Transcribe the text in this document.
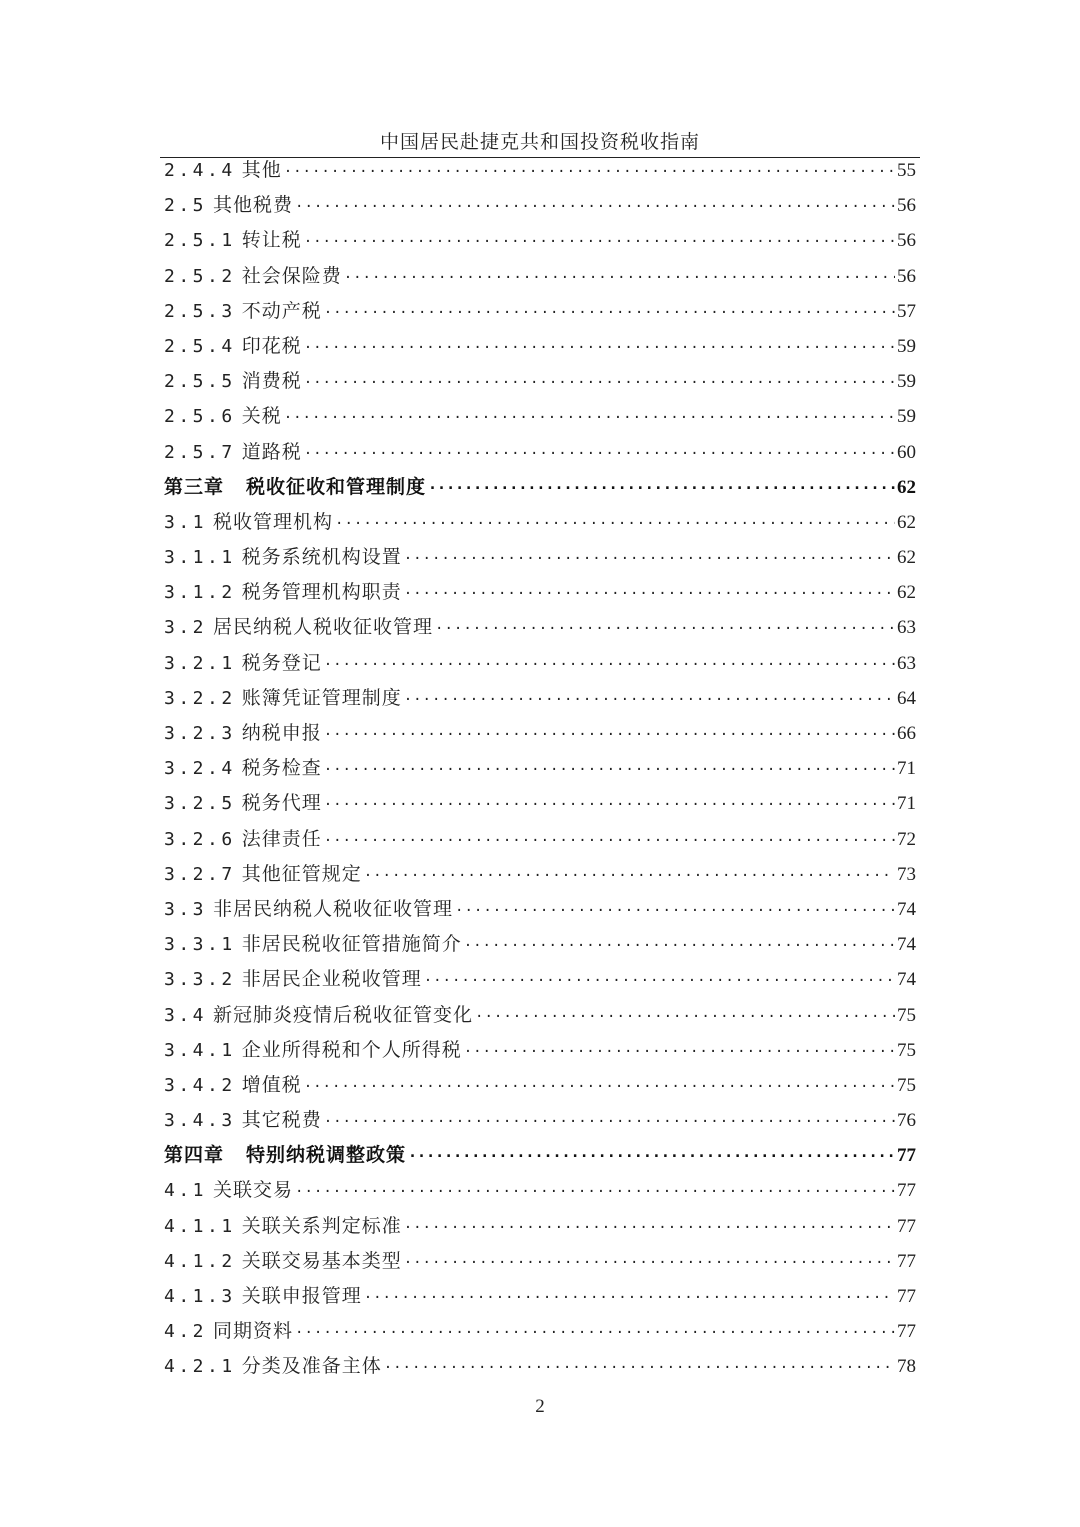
中国居民赴捷克共和国投资税收指南
2.4.4 其他 ·····	55
2.5 其他税费 ·····	56
2.5.1 转让税 ·····	56
2.5.2 社会保险费 ·····	56
2.5.3 不动产税 ·····	57
2.5.4 印花税 ·····	59
2.5.5 消费税 ·····	59
2.5.6 关税 ·····	59
2.5.7 道路税 ·····	60
第三章 税收征收和管理制度 ·····	62
3.1 税收管理机构 ·····	62
3.1.1 税务系统机构设置 ·····	62
3.1.2 税务管理机构职责 ·····	62
3.2 居民纳税人税收征收管理 ·····	63
3.2.1 税务登记 ·····	63
3.2.2 账簿凭证管理制度 ·····	64
3.2.3 纳税申报 ·····	66
3.2.4 税务检查 ·····	71
3.2.5 税务代理 ·····	71
3.2.6 法律责任 ·····	72
3.2.7 其他征管规定 ·····	73
3.3 非居民纳税人税收征收管理 ·····	74
3.3.1 非居民税收征管措施简介 ·····	74
3.3.2 非居民企业税收管理 ·····	74
3.4 新冠肺炎疫情后税收征管变化 ·····	75
3.4.1 企业所得税和个人所得税 ·····	75
3.4.2 增值税 ·····	75
3.4.3 其它税费 ·····	76
第四章 特别纳税调整政策 ·····	77
4.1 关联交易 ·····	77
4.1.1 关联关系判定标准 ·····	77
4.1.2 关联交易基本类型 ·····	77
4.1.3 关联申报管理 ·····	77
4.2 同期资料 ·····	77
4.2.1 分类及准备主体 ·····	78
2
